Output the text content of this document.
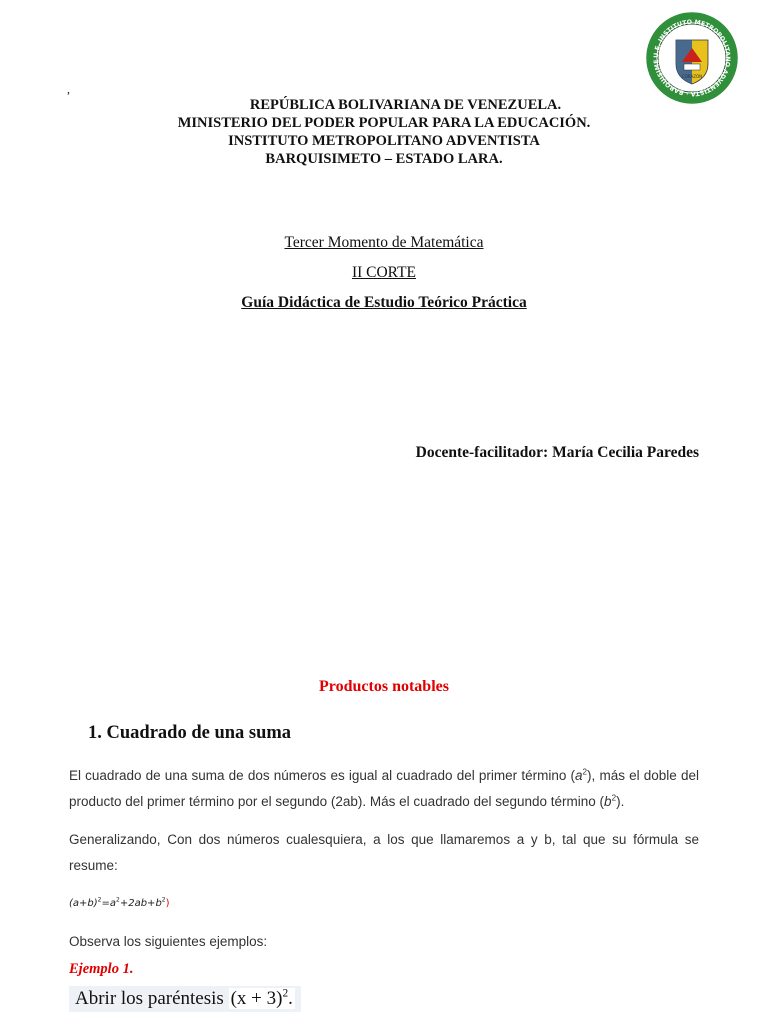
,
U.E. INSTITUTO METROPOLITANO ADVENTISTA · BARQUISIME
CORAZÓN
REPÚBLICA BOLIVARIANA DE VENEZUELA.
MINISTERIO DEL PODER POPULAR PARA LA EDUCACIÓN.
INSTITUTO METROPOLITANO ADVENTISTA
BARQUISIMETO – ESTADO LARA.
Tercer Momento de Matemática
II CORTE
Guía Didáctica de Estudio Teórico Práctica
Docente-facilitador: María Cecilia Paredes
Productos notables
1. Cuadrado de una suma
El cuadrado de una suma de dos números es igual al cuadrado del primer término $(a^2)$, más el doble del producto del primer término por el segundo (2ab). Más el cuadrado del segundo término $(b^2)$.
Generalizando, Con dos números cualesquiera, a los que llamaremos a y b, tal que su fórmula se resume:
$(a+b)^2=a^2+2ab+b^2$)
Observa los siguientes ejemplos:
Ejemplo 1.
Abrir los paréntesis $(x + 3)^2$.
